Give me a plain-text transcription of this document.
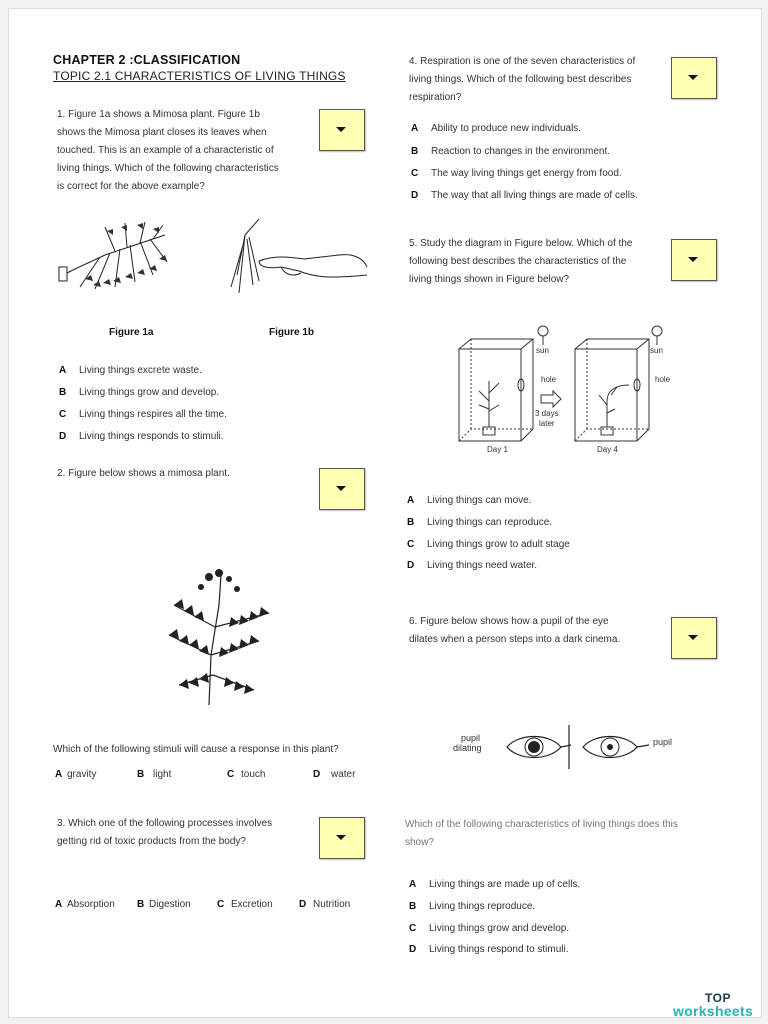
CHAPTER 2 :CLASSIFICATION
TOPIC 2.1 CHARACTERISTICS OF LIVING THINGS
1. Figure 1a shows a Mimosa plant. Figure 1b
shows the Mimosa plant closes its leaves when
touched. This is an example of a characteristic of
living things. Which of the following characteristics
is correct for the above example?
Figure 1a	Figure 1b
A Living things excrete waste.
B Living things grow and develop.
C Living things respires all the time.
D Living things responds to stimuli.
2. Figure below shows a mimosa plant.
Which of the following stimuli will cause a response in this plant?
A gravity	B light	C touch	D water
3. Which one of the following processes involves
getting rid of toxic products from the body?
A Absorption B Digestion	C Excretion	D Nutrition
4. Respiration is one of the seven characteristics of
living things. Which of the following best describes
respiration?
A Ability to produce new individuals.
B Reaction to changes in the environment.
C The way living things get energy from food.
D The way that all living things are made of cells.
5. Study the diagram in Figure below. Which of the
following best describes the characteristics of the
living things shown in Figure below?
sun	sun
hole	hole
3 days
later
Day 1	Day 4
A Living things can move.
B Living things can reproduce.
C Living things grow to adult stage
D Living things need water.
6. Figure below shows how a pupil of the eye
dilates when a person steps into a dark cinema.
pupil
dilating
pupil
Which of the following characteristics of living things does this
show?
A Living things are made up of cells.
B Living things reproduce.
C Living things grow and develop.
D Living things respond to stimuli.
TOP
worksheets
